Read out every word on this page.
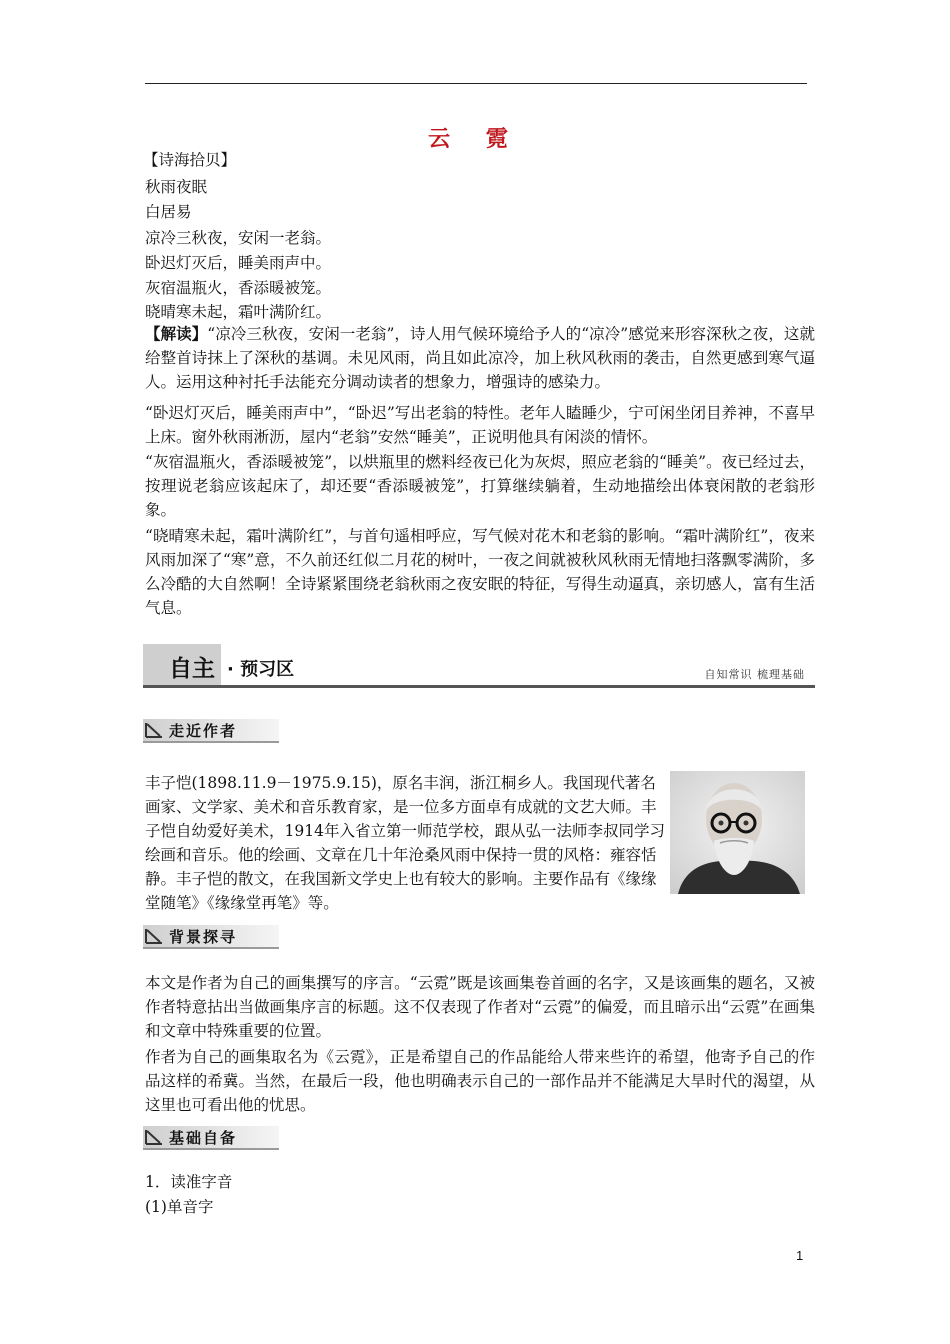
云 霓
【诗海拾贝】
秋雨夜眠
白居易
凉冷三秋夜，安闲一老翁。
卧迟灯灭后，睡美雨声中。
灰宿温瓶火，香添暖被笼。
晓晴寒未起，霜叶满阶红。
【解读】“凉冷三秋夜，安闲一老翁”，诗人用气候环境给予人的“凉冷”感觉来形容深秋之夜，这就给整首诗抹上了深秋的基调。未见风雨，尚且如此凉冷，加上秋风秋雨的袭击，自然更感到寒气逼人。运用这种衬托手法能充分调动读者的想象力，增强诗的感染力。
“卧迟灯灭后，睡美雨声中”，“卧迟”写出老翁的特性。老年人瞌睡少，宁可闲坐闭目养神，不喜早上床。窗外秋雨淅沥，屋内“老翁”安然“睡美”，正说明他具有闲淡的情怀。
“灰宿温瓶火，香添暖被笼”，以烘瓶里的燃料经夜已化为灰烬，照应老翁的“睡美”。夜已经过去，按理说老翁应该起床了，却还要“香添暖被笼”，打算继续躺着，生动地描绘出体衰闲散的老翁形象。
“晓晴寒未起，霜叶满阶红”，与首句遥相呼应，写气候对花木和老翁的影响。“霜叶满阶红”，夜来风雨加深了“寒”意，不久前还红似二月花的树叶，一夜之间就被秋风秋雨无情地扫落飘零满阶，多么冷酷的大自然啊！全诗紧紧围绕老翁秋雨之夜安眠的特征，写得生动逼真，亲切感人，富有生活气息。
自主 · 预习区	自知常识 梳理基础
走近作者
丰子恺(1898.11.9－1975.9.15)，原名丰润，浙江桐乡人。我国现代著名画家、文学家、美术和音乐教育家，是一位多方面卓有成就的文艺大师。丰子恺自幼爱好美术，1914年入省立第一师范学校，跟从弘一法师李叔同学习绘画和音乐。他的绘画、文章在几十年沧桑风雨中保持一贯的风格：雍容恬静。丰子恺的散文，在我国新文学史上也有较大的影响。主要作品有《缘缘堂随笔》《缘缘堂再笔》等。
背景探寻
本文是作者为自己的画集撰写的序言。“云霓”既是该画集卷首画的名字，又是该画集的题名，又被作者特意拈出当做画集序言的标题。这不仅表现了作者对“云霓”的偏爱，而且暗示出“云霓”在画集和文章中特殊重要的位置。
作者为自己的画集取名为《云霓》，正是希望自己的作品能给人带来些许的希望，他寄予自己的作品这样的希冀。当然，在最后一段，他也明确表示自己的一部作品并不能满足大旱时代的渴望，从这里也可看出他的忧思。
基础自备
1．读准字音
(1)单音字
1
